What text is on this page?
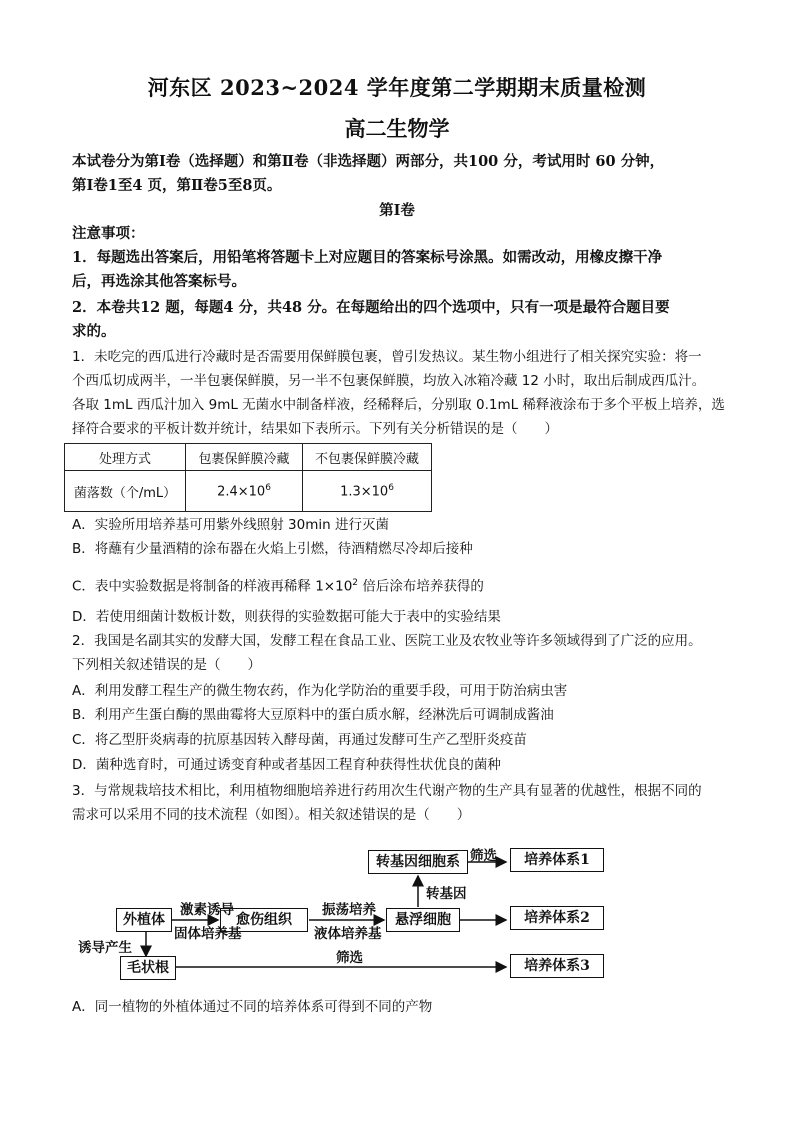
河东区 2023~2024 学年度第二学期期末质量检测
高二生物学
本试卷分为第Ⅰ卷（选择题）和第Ⅱ卷（非选择题）两部分，共100 分，考试用时 60 分钟，
第Ⅰ卷1至4 页，第Ⅱ卷5至8页。
第Ⅰ卷
注意事项：
1．每题选出答案后，用铅笔将答题卡上对应题目的答案标号涂黑。如需改动，用橡皮擦干净
后，再选涂其他答案标号。
2．本卷共12 题，每题4 分，共48 分。在每题给出的四个选项中，只有一项是最符合题目要
求的。
1．未吃完的西瓜进行冷藏时是否需要用保鲜膜包裹，曾引发热议。某生物小组进行了相关探究实验：将一
个西瓜切成两半，一半包裹保鲜膜，另一半不包裹保鲜膜，均放入冰箱冷藏 12 小时，取出后制成西瓜汁。
各取 1mL 西瓜汁加入 9mL 无菌水中制备样液，经稀释后，分别取 0.1mL 稀释液涂布于多个平板上培养，选
择符合要求的平板计数并统计，结果如下表所示。下列有关分析错误的是（　　）
处理方式	包裹保鲜膜冷藏	不包裹保鲜膜冷藏
菌落数（个/mL）	$2.4\times 10^6$	$1.3\times 10^6$
A．实验所用培养基可用紫外线照射 30min 进行灭菌
B．将蘸有少量酒精的涂布器在火焰上引燃，待酒精燃尽冷却后接种
C．表中实验数据是将制备的样液再稀释 $1\times 10^2$ 倍后涂布培养获得的
D．若使用细菌计数板计数，则获得的实验数据可能大于表中的实验结果
2．我国是名副其实的发酵大国，发酵工程在食品工业、医院工业及农牧业等许多领域得到了广泛的应用。
下列相关叙述错误的是（　　）
A．利用发酵工程生产的微生物农药，作为化学防治的重要手段，可用于防治病虫害
B．利用产生蛋白酶的黑曲霉将大豆原料中的蛋白质水解，经淋洗后可调制成酱油
C．将乙型肝炎病毒的抗原基因转入酵母菌，再通过发酵可生产乙型肝炎疫苗
D．菌种选育时，可通过诱变育种或者基因工程育种获得性状优良的菌种
3．与常规栽培技术相比，利用植物细胞培养进行药用次生代谢产物的生产具有显著的优越性，根据不同的
需求可以采用不同的技术流程（如图）。相关叙述错误的是（　　）
外植体	愈伤组织	悬浮细胞
转基因细胞系
毛状根
培养体系1
培养体系2
培养体系3
激素诱导
固体培养基
振荡培养
液体培养基
转基因
筛选
筛选
诱导产生
A．同一植物的外植体通过不同的培养体系可得到不同的产物
